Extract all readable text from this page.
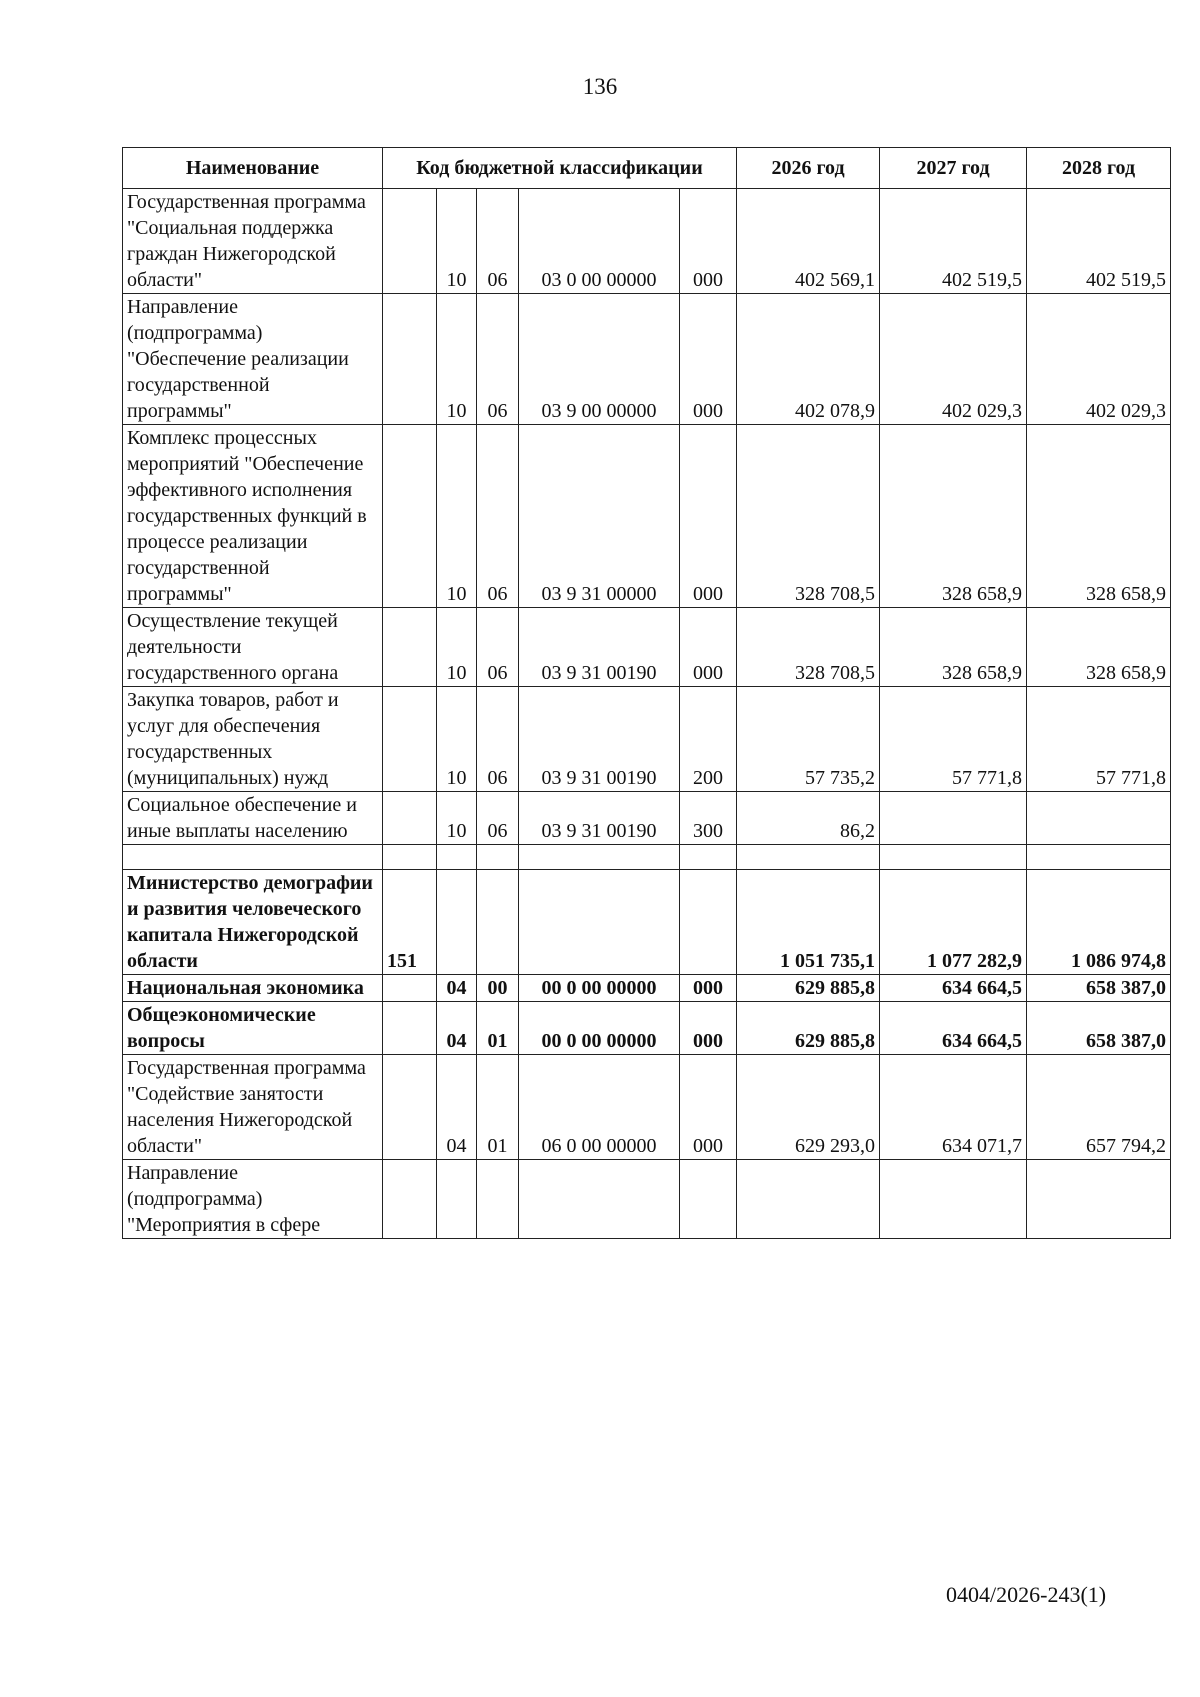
136
Наименование	Код бюджетной классификации					2026 год	2027 год	2028 год
Государственная программа "Социальная поддержка граждан Нижегородской области"		10	06	03 0 00 00000	000	402 569,1	402 519,5	402 519,5
Направление (подпрограмма) "Обеспечение реализации государственной программы"		10	06	03 9 00 00000	000	402 078,9	402 029,3	402 029,3
Комплекс процессных мероприятий "Обеспечение эффективного исполнения государственных функций в процессе реализации государственной программы"		10	06	03 9 31 00000	000	328 708,5	328 658,9	328 658,9
Осуществление текущей деятельности государственного органа		10	06	03 9 31 00190	000	328 708,5	328 658,9	328 658,9
Закупка товаров, работ и услуг для обеспечения государственных (муниципальных) нужд		10	06	03 9 31 00190	200	57 735,2	57 771,8	57 771,8
Социальное обеспечение и иные выплаты населению		10	06	03 9 31 00190	300	86,2		

Министерство демографии и развития человеческого капитала Нижегородской области	151					1 051 735,1	1 077 282,9	1 086 974,8
Национальная экономика		04	00	00 0 00 00000	000	629 885,8	634 664,5	658 387,0
Общеэкономические вопросы		04	01	00 0 00 00000	000	629 885,8	634 664,5	658 387,0
Государственная программа "Содействие занятости населения Нижегородской области"		04	01	06 0 00 00000	000	629 293,0	634 071,7	657 794,2
Направление (подпрограмма) "Мероприятия в сфере								
0404/2026-243(1)
